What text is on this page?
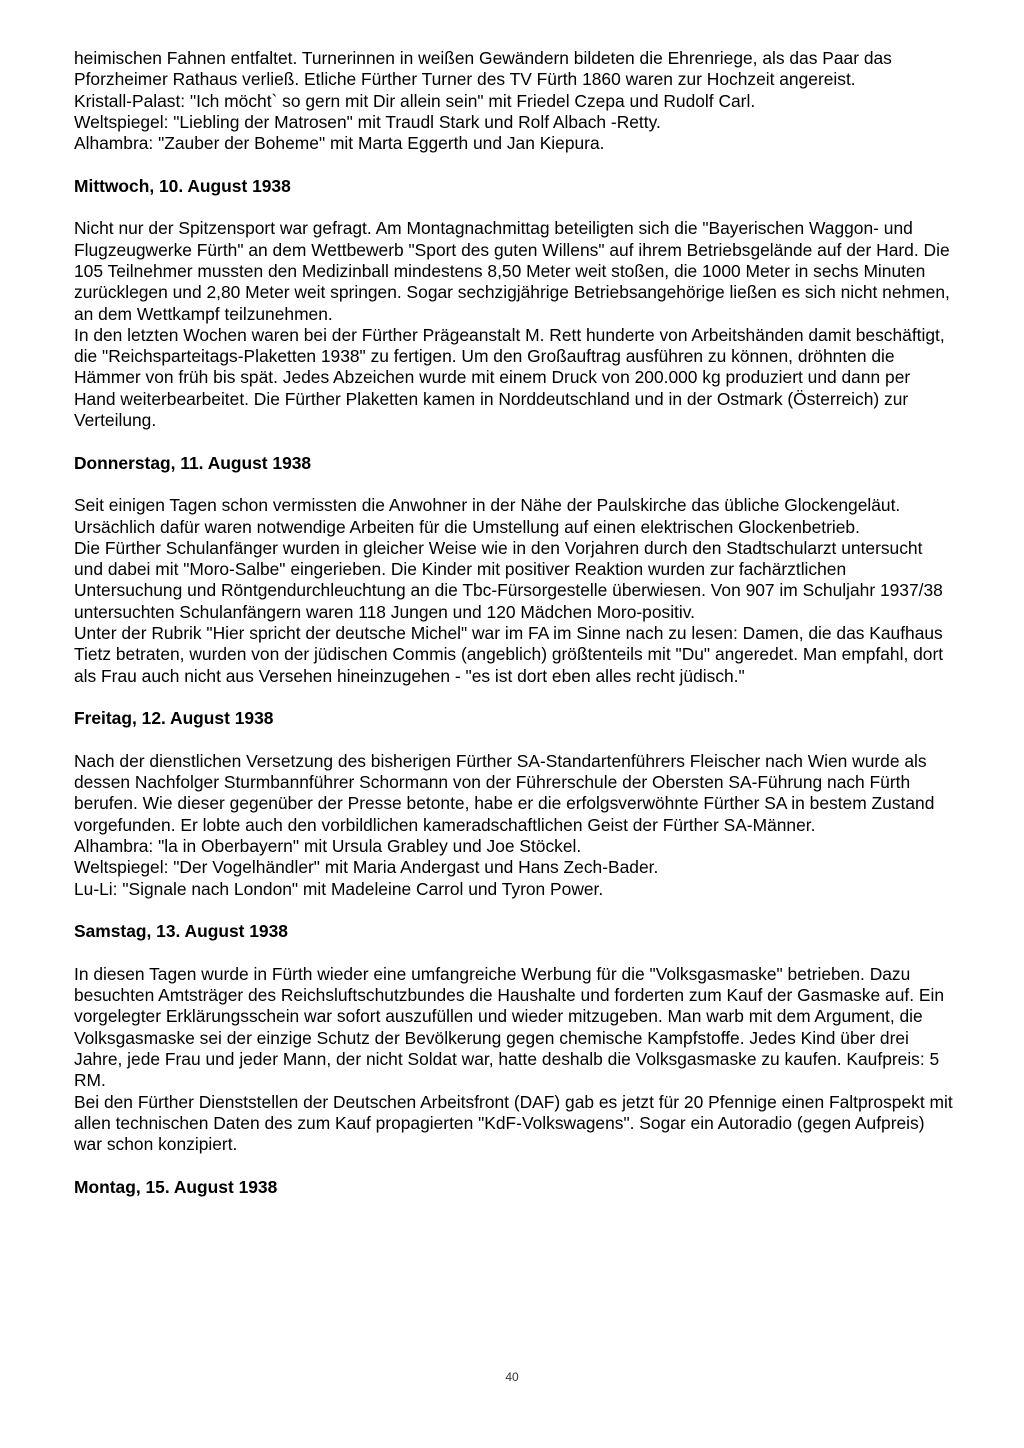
heimischen Fahnen entfaltet. Turnerinnen in weißen Gewändern bildeten die Ehrenriege, als das Paar das Pforzheimer Rathaus verließ. Etliche Fürther Turner des TV Fürth 1860 waren zur Hochzeit angereist.

Kristall-Palast: "Ich möcht` so gern mit Dir allein sein" mit Friedel Czepa und Rudolf Carl.

Weltspiegel: "Liebling der Matrosen" mit Traudl Stark und Rolf Albach -Retty.

Alhambra: "Zauber der Boheme" mit Marta Eggerth und Jan Kiepura.

Mittwoch, 10. August 1938

Nicht nur der Spitzensport war gefragt. Am Montagnachmittag beteiligten sich die "Bayerischen Waggon- und Flugzeugwerke Fürth" an dem Wettbewerb "Sport des guten Willens" auf ihrem Betriebsgelände auf der Hard. Die 105 Teilnehmer mussten den Medizinball mindestens 8,50 Meter weit stoßen, die 1000 Meter in sechs Minuten zurücklegen und 2,80 Meter weit springen. Sogar sechzigjährige Betriebsangehörige ließen es sich nicht nehmen, an dem Wettkampf teilzunehmen.

In den letzten Wochen waren bei der Fürther Prägeanstalt M. Rett hunderte von Arbeitshänden damit beschäftigt, die "Reichsparteitags-Plaketten 1938" zu fertigen. Um den Großauftrag ausführen zu können, dröhnten die Hämmer von früh bis spät. Jedes Abzeichen wurde mit einem Druck von 200.000 kg produziert und dann per Hand weiterbearbeitet. Die Fürther Plaketten kamen in Norddeutschland und in der Ostmark (Österreich) zur Verteilung.

Donnerstag, 11. August 1938

Seit einigen Tagen schon vermissten die Anwohner in der Nähe der Paulskirche das übliche Glockengeläut. Ursächlich dafür waren notwendige Arbeiten für die Umstellung auf einen elektrischen Glockenbetrieb.

Die Fürther Schulanfänger wurden in gleicher Weise wie in den Vorjahren durch den Stadtschularzt untersucht und dabei mit "Moro-Salbe" eingerieben. Die Kinder mit positiver Reaktion wurden zur fachärztlichen Untersuchung und Röntgendurchleuchtung an die Tbc-Fürsorgestelle überwiesen. Von 907 im Schuljahr 1937/38 untersuchten Schulanfängern waren 118 Jungen und 120 Mädchen Moro-positiv.

Unter der Rubrik "Hier spricht der deutsche Michel" war im FA im Sinne nach zu lesen: Damen, die das Kaufhaus Tietz betraten, wurden von der jüdischen Commis (angeblich) größtenteils mit "Du" angeredet. Man empfahl, dort als Frau auch nicht aus Versehen hineinzugehen - "es ist dort eben alles recht jüdisch."

Freitag, 12. August 1938

Nach der dienstlichen Versetzung des bisherigen Fürther SA-Standartenführers Fleischer nach Wien wurde als dessen Nachfolger Sturmbannführer Schormann von der Führerschule der Obersten SA-Führung nach Fürth berufen. Wie dieser gegenüber der Presse betonte, habe er die erfolgsverwöhnte Fürther SA in bestem Zustand vorgefunden. Er lobte auch den vorbildlichen kameradschaftlichen Geist der Fürther SA-Männer.

Alhambra: "la in Oberbayern" mit Ursula Grabley und Joe Stöckel.

Weltspiegel: "Der Vogelhändler" mit Maria Andergast und Hans Zech-Bader.

Lu-Li: "Signale nach London" mit Madeleine Carrol und Tyron Power.

Samstag, 13. August 1938

In diesen Tagen wurde in Fürth wieder eine umfangreiche Werbung für die "Volksgasmaske" betrieben. Dazu besuchten Amtsträger des Reichsluftschutzbundes die Haushalte und forderten zum Kauf der Gasmaske auf. Ein vorgelegter Erklärungsschein war sofort auszufüllen und wieder mitzugeben. Man warb mit dem Argument, die Volksgasmaske sei der einzige Schutz der Bevölkerung gegen chemische Kampfstoffe. Jedes Kind über drei Jahre, jede Frau und jeder Mann, der nicht Soldat war, hatte deshalb die Volksgasmaske zu kaufen. Kaufpreis: 5 RM.

Bei den Fürther Dienststellen der Deutschen Arbeitsfront (DAF) gab es jetzt für 20 Pfennige einen Faltprospekt mit allen technischen Daten des zum Kauf propagierten "KdF-Volkswagens". Sogar ein Autoradio (gegen Aufpreis) war schon konzipiert.

Montag, 15. August 1938
40
